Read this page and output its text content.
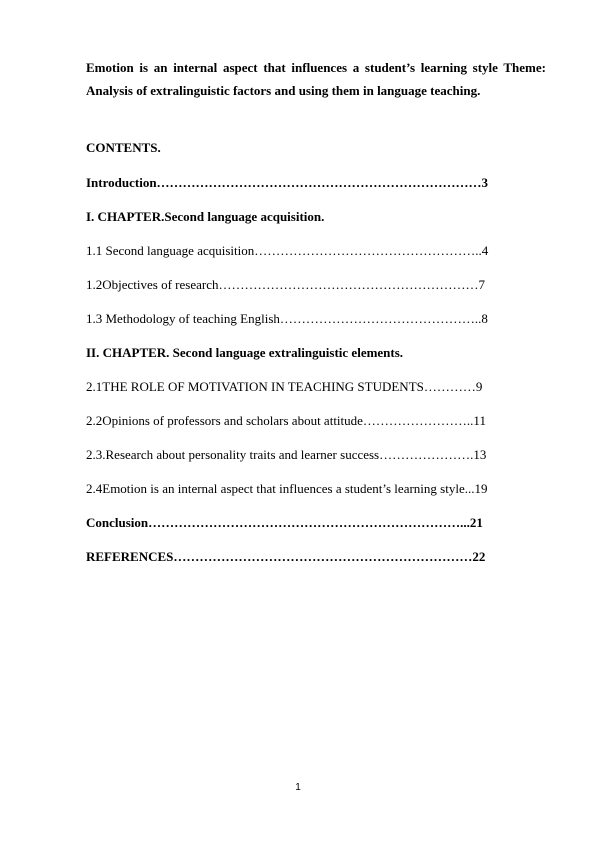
Emotion is an internal aspect that influences a student’s learning style Theme: Analysis of extralinguistic factors and using them in language teaching.
CONTENTS.
Introduction…………………………………………………………………3
I. CHAPTER.Second language acquisition.
1.1 Second language acquisition……………………………………………..4
1.2Objectives of research……………………………………………………7
1.3 Methodology of teaching English………………………………………..8
II. CHAPTER. Second language extralinguistic elements.
2.1THE ROLE OF MOTIVATION IN TEACHING STUDENTS…………9
2.2Opinions of professors and scholars about attitude……………………..11
2.3.Research about personality traits and learner success………………….13
2.4Emotion is an internal aspect that influences a student’s learning style...19
Conclusion………………………………………………………………...21
REFERENCES……………………………………………………………22
1
